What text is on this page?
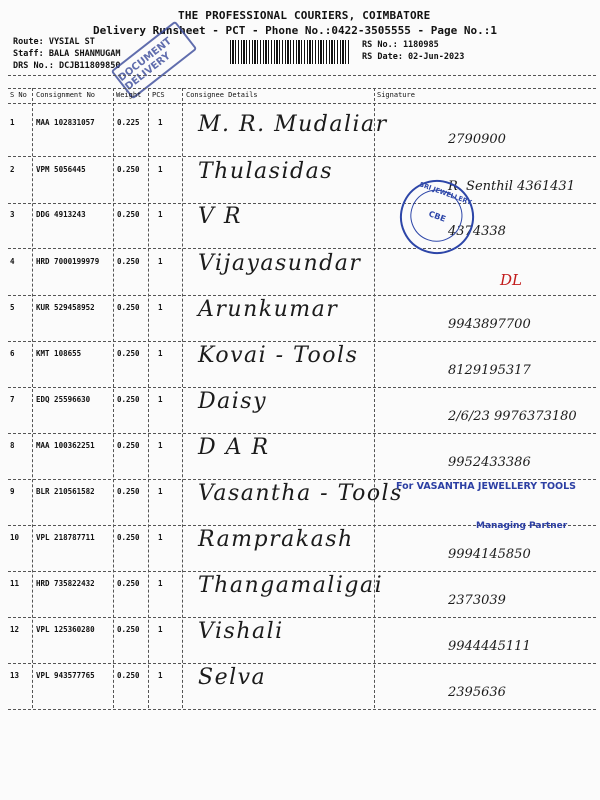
THE PROFESSIONAL COURIERS, COIMBATORE
Delivery Runsheet - PCT - Phone No.:0422-3505555 - Page No.:1
Route: VYSIAL ST
Staff: BALA SHANMUGAM
DRS No.: DCJB11809850
RS No.: 1180985
RS Date: 02-Jun-2023
DOCUMENT DELIVERY
S No Consignment No	Weight PCS	Consignee Details	Signature
1	MAA 102831057	0.225 1 M. R. Mudaliar
2790900
2	VPM 5056445	0.250 1 Thulasidas
R. Senthil 4361431
3	DDG 4913243	0.250 1 V R
4374338
4	HRD 7000199979 0.250 1 Vijayasundar
DL
5	KUR 529458952	0.250 1 Arunkumar
9943897700
6	KMT 108655	0.250 1 Kovai - Tools
8129195317
7	EDQ 25596630	0.250 1 Daisy
2/6/23 9976373180
8	MAA 100362251	0.250 1 D A R
9952433386
9	BLR 210561582	0.250 1 Vasantha - Tools
10 VPL 218787711	0.250 1 Ramprakash
9994145850
11 HRD 735822432	0.250 1 Thangamaligai
2373039
12 VPL 125360280	0.250 1 Vishali
9944445111
13 VPL 943577765	0.250 1 Selva
2395636
SRI JEWELLERY
CBE
For VASANTHA JEWELLERY TOOLS
Managing Partner
